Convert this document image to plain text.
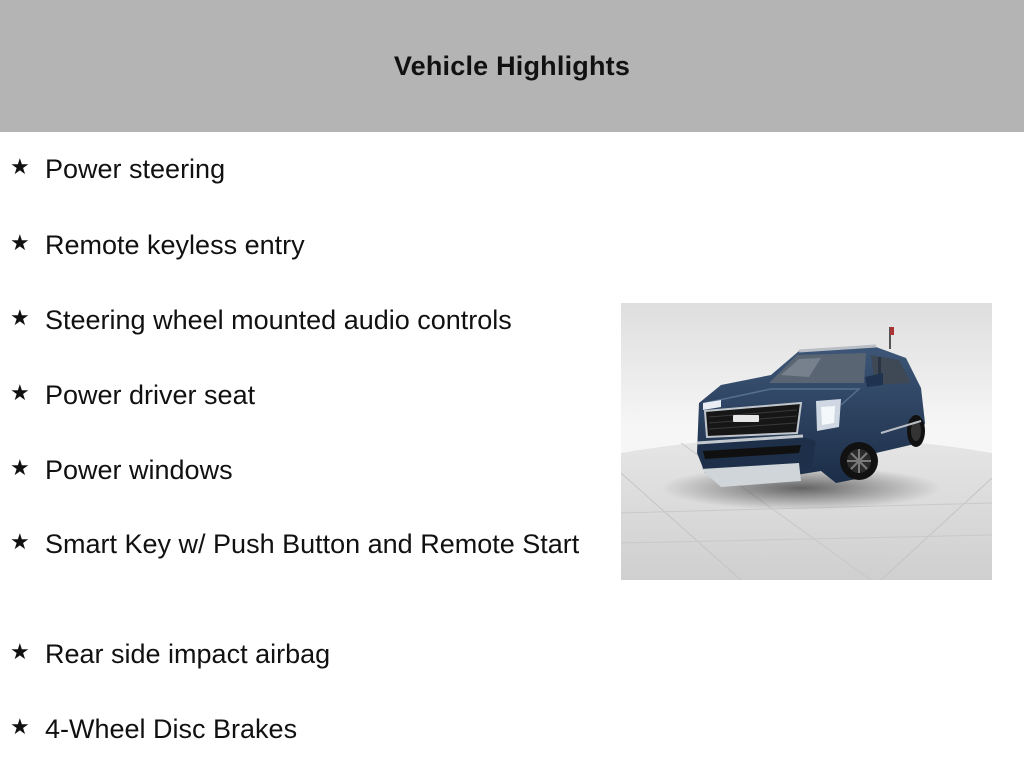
Vehicle Highlights
★ Power steering
★ Remote keyless entry
★ Steering wheel mounted audio controls
★ Power driver seat
★ Power windows
★ Smart Key w/ Push Button and Remote Start
★ Rear side impact airbag
★ 4-Wheel Disc Brakes
